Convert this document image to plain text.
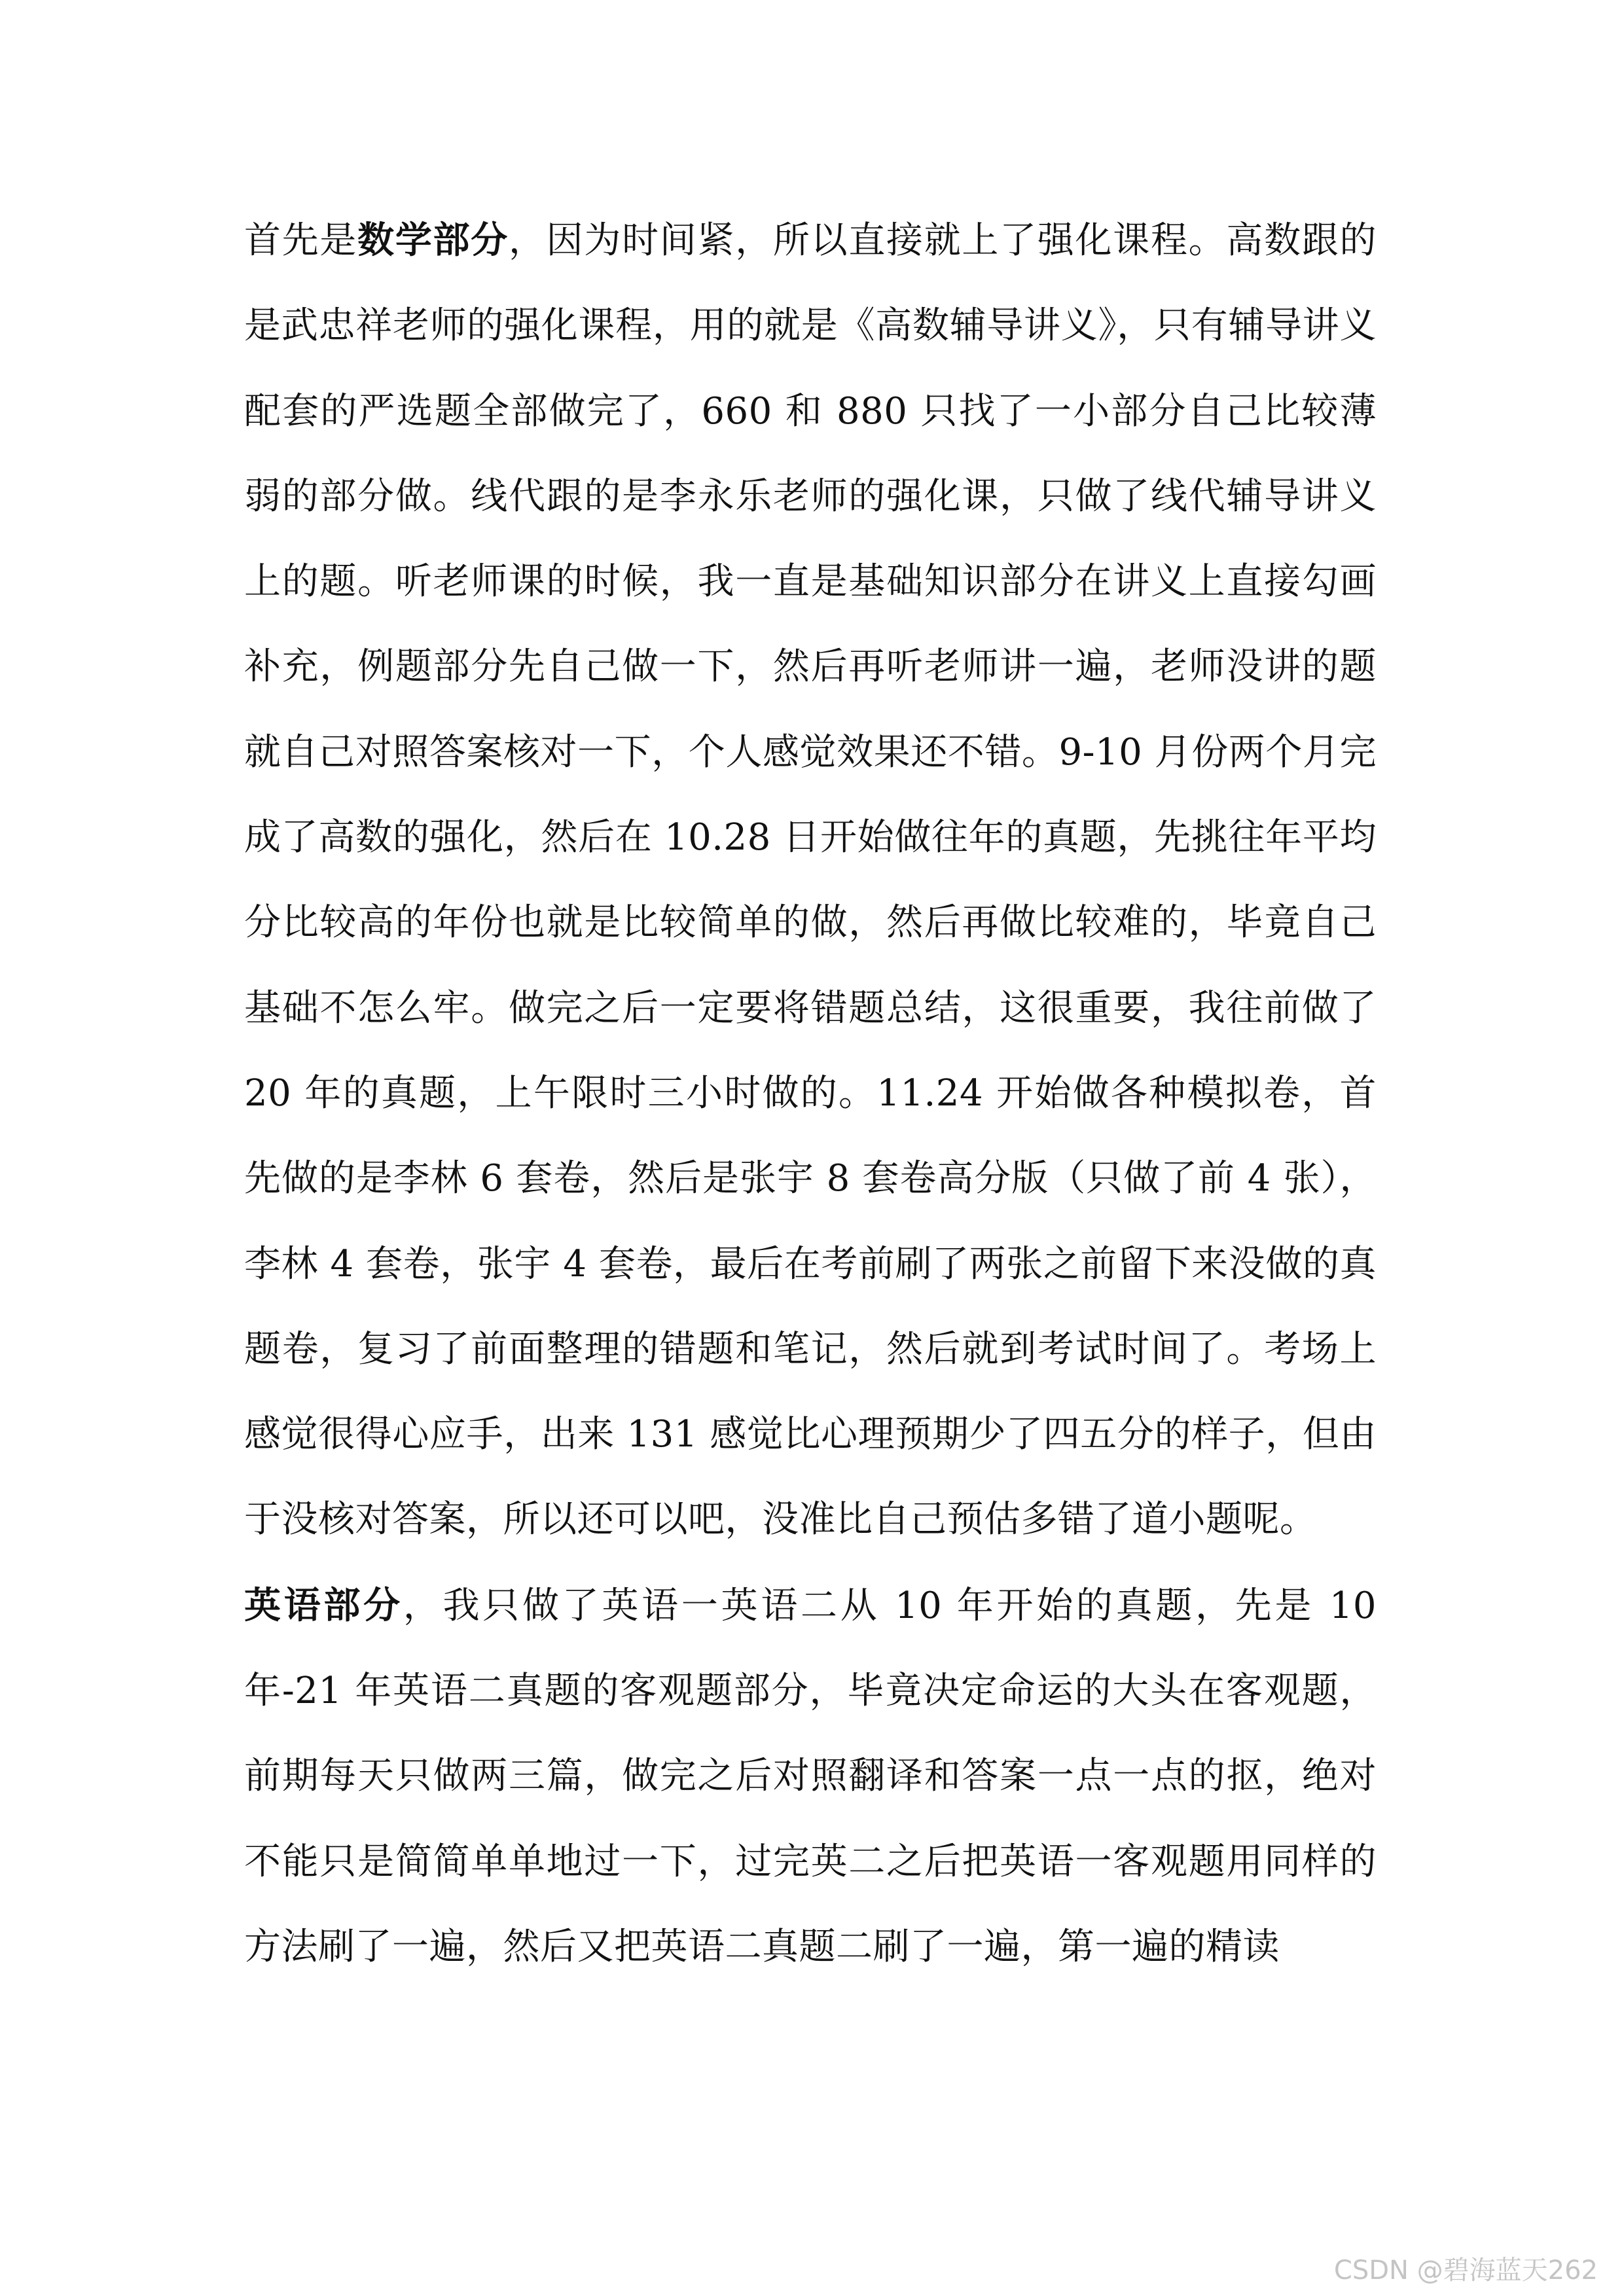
首先是数学部分，因为时间紧，所以直接就上了强化课程。高数跟的是武忠祥老师的强化课程，用的就是《高数辅导讲义》，只有辅导讲义配套的严选题全部做完了，660 和 880 只找了一小部分自己比较薄弱的部分做。线代跟的是李永乐老师的强化课，只做了线代辅导讲义上的题。听老师课的时候，我一直是基础知识部分在讲义上直接勾画补充，例题部分先自己做一下，然后再听老师讲一遍，老师没讲的题就自己对照答案核对一下，个人感觉效果还不错。9-10 月份两个月完成了高数的强化，然后在 10.28 日开始做往年的真题，先挑往年平均分比较高的年份也就是比较简单的做，然后再做比较难的，毕竟自己基础不怎么牢。做完之后一定要将错题总结，这很重要，我往前做了 20 年的真题，上午限时三小时做的。11.24 开始做各种模拟卷，首先做的是李林 6 套卷，然后是张宇 8 套卷高分版（只做了前 4 张），李林 4 套卷，张宇 4 套卷，最后在考前刷了两张之前留下来没做的真题卷，复习了前面整理的错题和笔记，然后就到考试时间了。考场上感觉很得心应手，出来 131 感觉比心理预期少了四五分的样子，但由于没核对答案，所以还可以吧，没准比自己预估多错了道小题呢。

英语部分，我只做了英语一英语二从 10 年开始的真题，先是 10 年-21 年英语二真题的客观题部分，毕竟决定命运的大头在客观题，前期每天只做两三篇，做完之后对照翻译和答案一点一点的抠，绝对不能只是简简单单地过一下，过完英二之后把英语一客观题用同样的方法刷了一遍，然后又把英语二真题二刷了一遍，第一遍的精读

CSDN @碧海蓝天262
